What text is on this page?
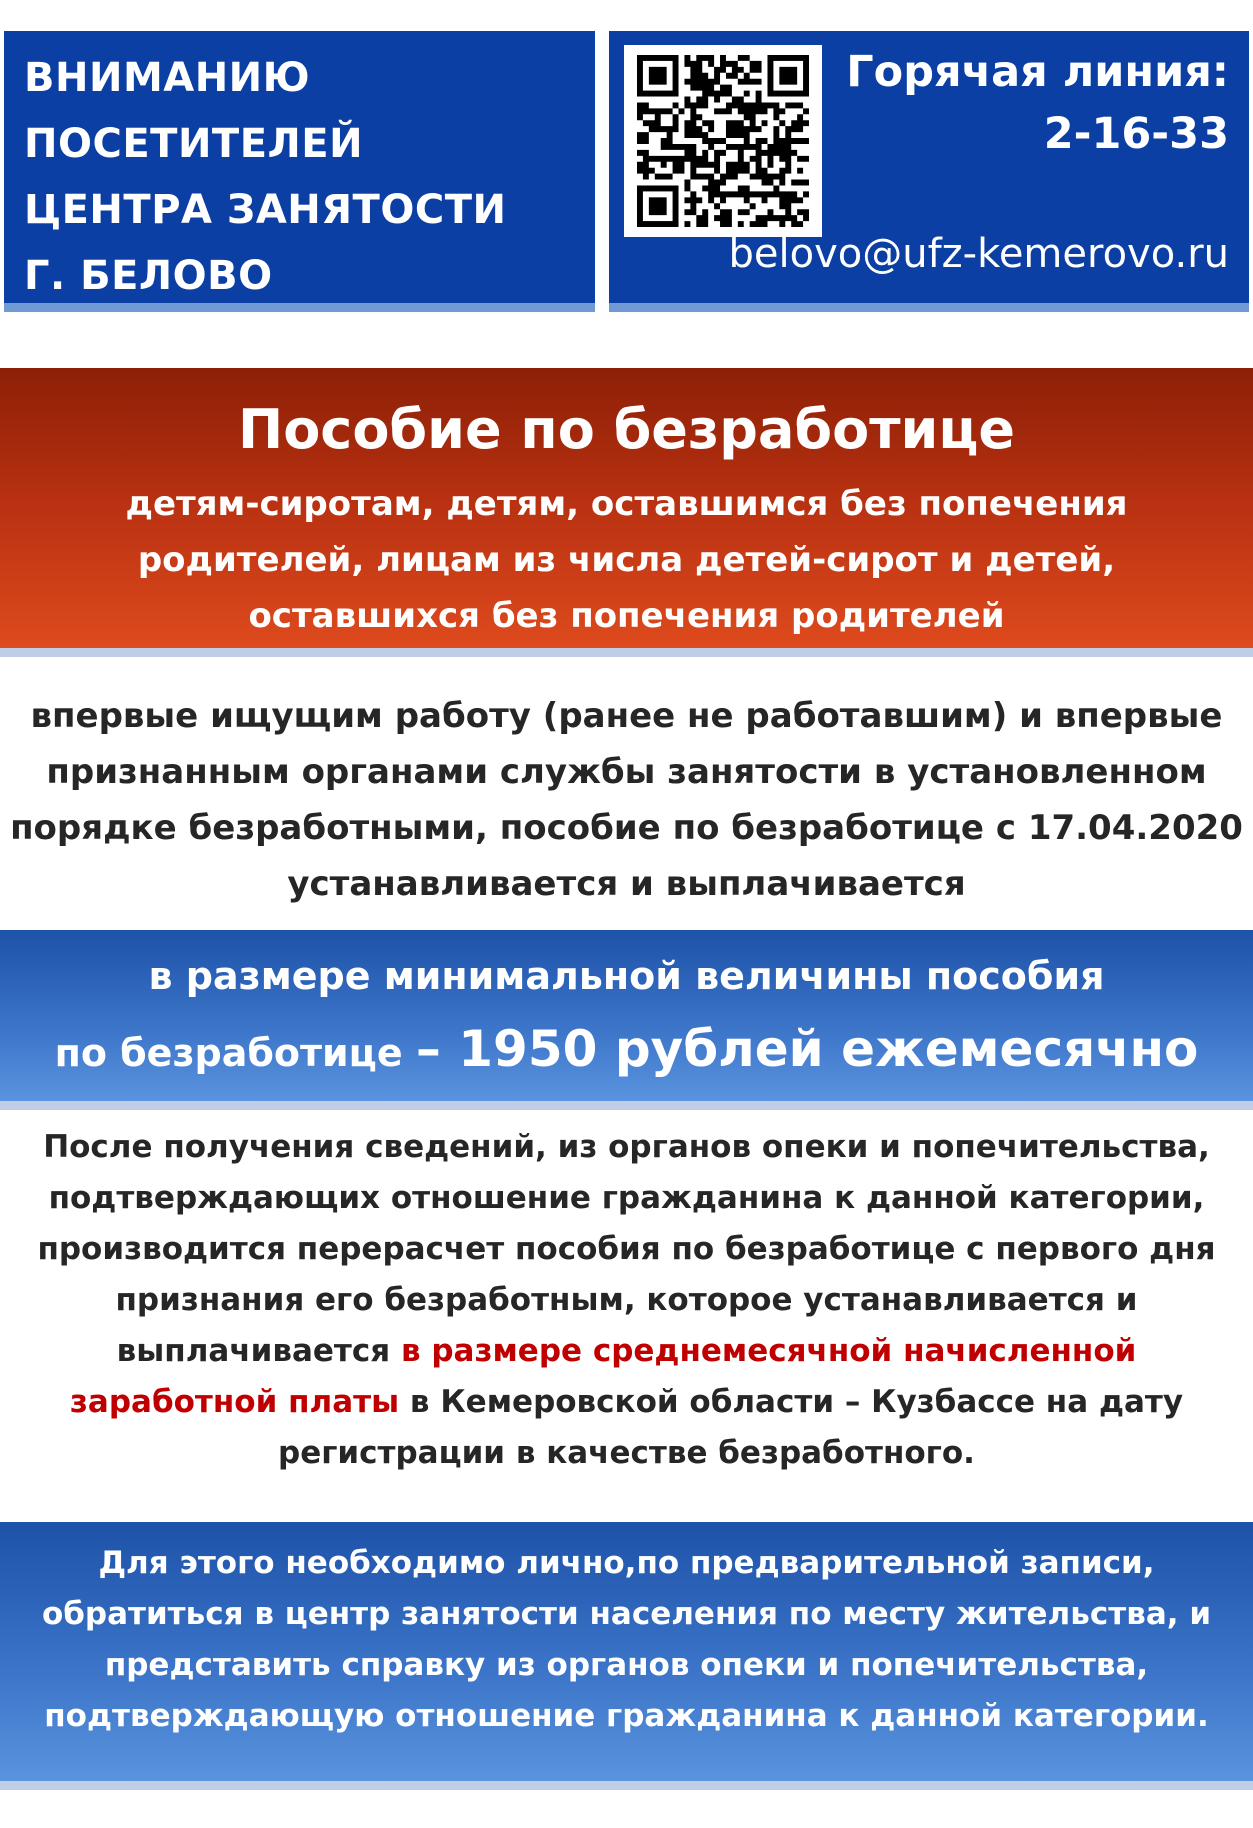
ВНИМАНИЮ
ПОСЕТИТЕЛЕЙ
ЦЕНТРА ЗАНЯТОСТИ
Г. БЕЛОВО
Горячая линия:
2-16-33
belovo@ufz-kemerovo.ru
Пособие по безработице
детям-сиротам, детям, оставшимся без попечения родителей, лицам из числа детей-сирот и детей, оставшихся без попечения родителей
впервые ищущим работу (ранее не работавшим) и впервые признанным органами службы занятости в установленном порядке безработными, пособие по безработице с 17.04.2020 устанавливается и выплачивается
в размере минимальной величины пособия
по безработице – 1950 рублей ежемесячно
После получения сведений, из органов опеки и попечительства, подтверждающих отношение гражданина к данной категории, производится перерасчет пособия по безработице с первого дня признания его безработным, которое устанавливается и выплачивается в размере среднемесячной начисленной заработной платы в Кемеровской области – Кузбассе на дату регистрации в качестве безработного.
Для этого необходимо лично,по предварительной записи, обратиться в центр занятости населения по месту жительства, и представить справку из органов опеки и попечительства, подтверждающую отношение гражданина к данной категории.
